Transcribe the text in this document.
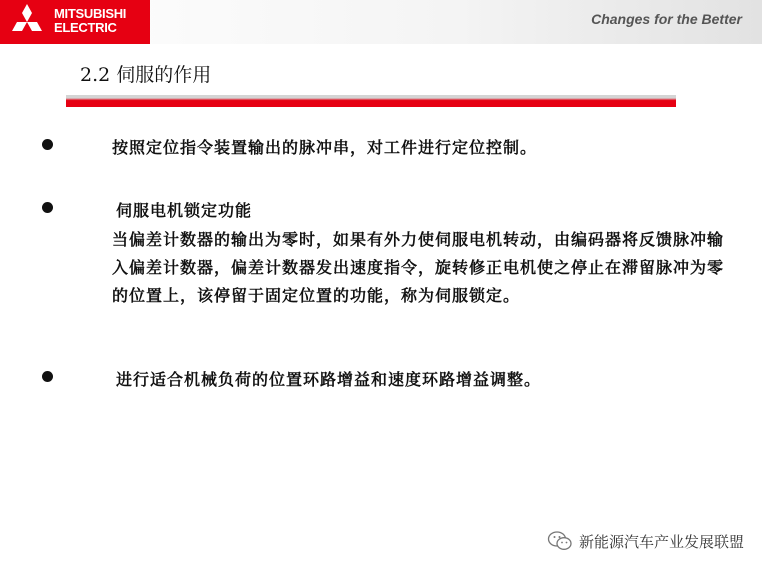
MITSUBISHI
ELECTRIC
Changes for the Better
2.2 伺服的作用
按照定位指令装置输出的脉冲串，对工件进行定位控制。
伺服电机锁定功能
当偏差计数器的输出为零时，如果有外力使伺服电机转动，由编码器将反馈脉冲输入偏差计数器，偏差计数器发出速度指令，旋转修正电机使之停止在滞留脉冲为零的位置上，该停留于固定位置的功能，称为伺服锁定。
进行适合机械负荷的位置环路增益和速度环路增益调整。
新能源汽车产业发展联盟
